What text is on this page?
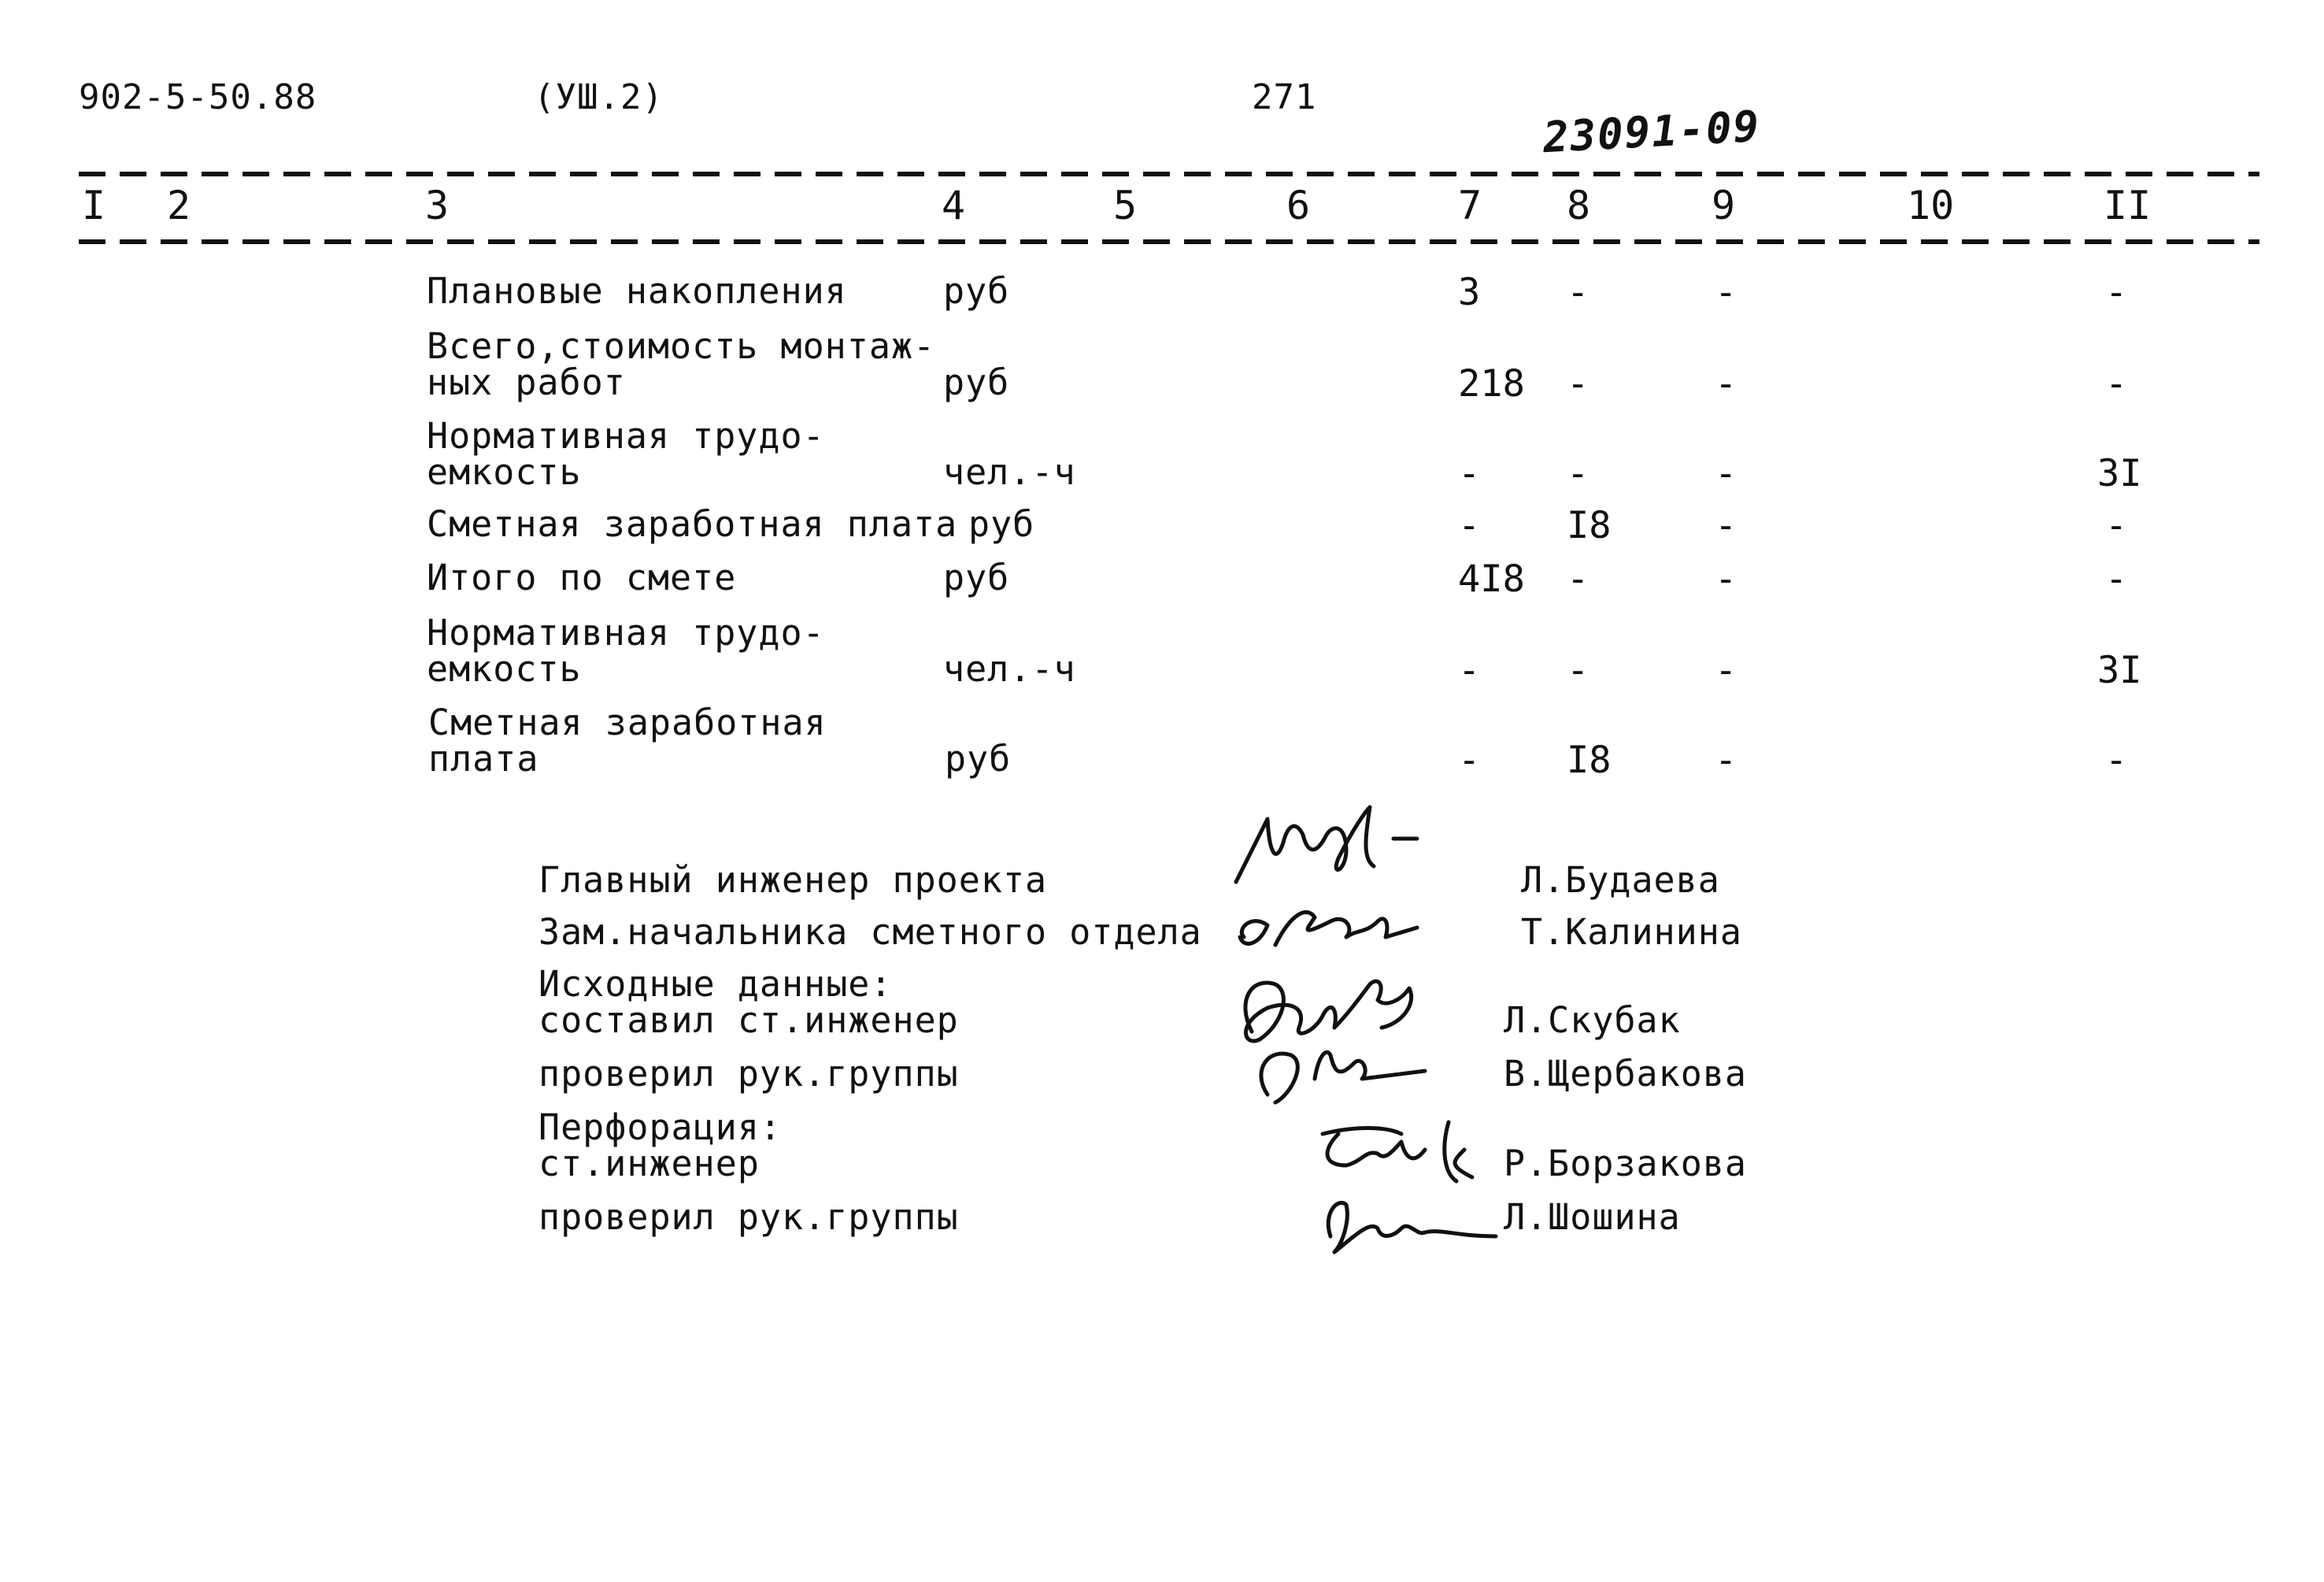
902-5-50.88	(УШ.2)	271
23091-09
I 2	3	4	5	6	7 8	9	10	II
Плановые накопления	руб	3 -	-	-
Всего,стоимость монтаж-
ных работ	руб	218 -	-	-
Нормативная трудо-
емкость	чел.-ч	- -	-	3I
Сметная заработная плата руб	- I8	-	-
Итого по смете	руб	4I8 -	-	-
Нормативная трудо-
емкость	чел.-ч	- -	-	3I
Сметная заработная
плата	руб	- I8	-	-
Главный инженер проекта	Л.Будаева
Зам.начальника сметного отдела	Т.Калинина
Исходные данные:
составил ст.инженер	Л.Скубак
проверил рук.группы	В.Щербакова
Перфорация:
ст.инженер	Р.Борзакова
проверил рук.группы	Л.Шошина
